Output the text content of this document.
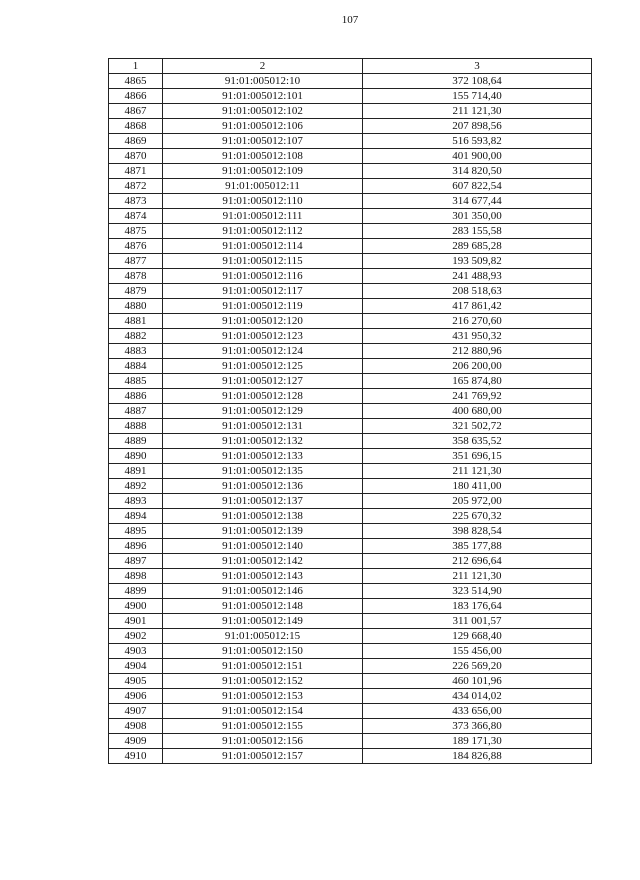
107
1	2	3
4865	91:01:005012:10	372 108,64
4866	91:01:005012:101	155 714,40
4867	91:01:005012:102	211 121,30
4868	91:01:005012:106	207 898,56
4869	91:01:005012:107	516 593,82
4870	91:01:005012:108	401 900,00
4871	91:01:005012:109	314 820,50
4872	91:01:005012:11	607 822,54
4873	91:01:005012:110	314 677,44
4874	91:01:005012:111	301 350,00
4875	91:01:005012:112	283 155,58
4876	91:01:005012:114	289 685,28
4877	91:01:005012:115	193 509,82
4878	91:01:005012:116	241 488,93
4879	91:01:005012:117	208 518,63
4880	91:01:005012:119	417 861,42
4881	91:01:005012:120	216 270,60
4882	91:01:005012:123	431 950,32
4883	91:01:005012:124	212 880,96
4884	91:01:005012:125	206 200,00
4885	91:01:005012:127	165 874,80
4886	91:01:005012:128	241 769,92
4887	91:01:005012:129	400 680,00
4888	91:01:005012:131	321 502,72
4889	91:01:005012:132	358 635,52
4890	91:01:005012:133	351 696,15
4891	91:01:005012:135	211 121,30
4892	91:01:005012:136	180 411,00
4893	91:01:005012:137	205 972,00
4894	91:01:005012:138	225 670,32
4895	91:01:005012:139	398 828,54
4896	91:01:005012:140	385 177,88
4897	91:01:005012:142	212 696,64
4898	91:01:005012:143	211 121,30
4899	91:01:005012:146	323 514,90
4900	91:01:005012:148	183 176,64
4901	91:01:005012:149	311 001,57
4902	91:01:005012:15	129 668,40
4903	91:01:005012:150	155 456,00
4904	91:01:005012:151	226 569,20
4905	91:01:005012:152	460 101,96
4906	91:01:005012:153	434 014,02
4907	91:01:005012:154	433 656,00
4908	91:01:005012:155	373 366,80
4909	91:01:005012:156	189 171,30
4910	91:01:005012:157	184 826,88
